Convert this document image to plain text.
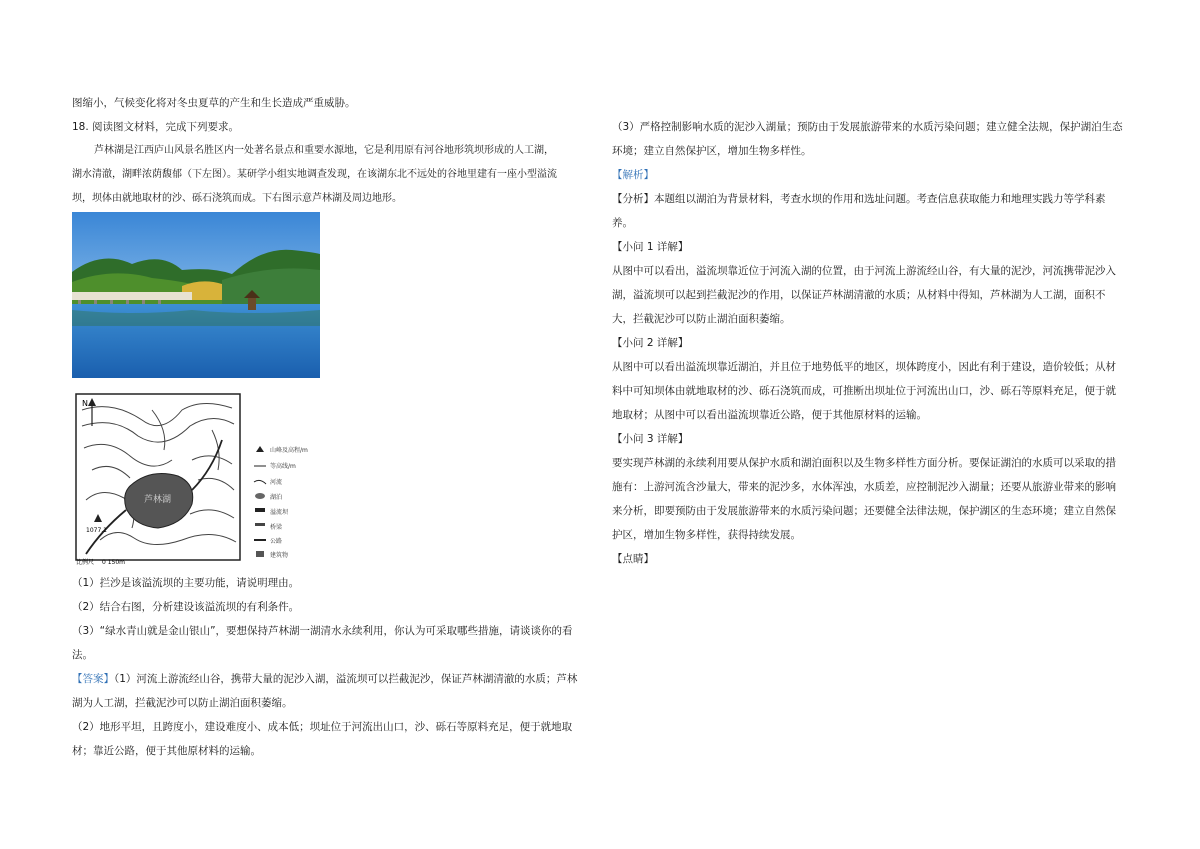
图缩小，气候变化将对冬虫夏草的产生和生长造成严重威胁。
18. 阅读图文材料，完成下列要求。
芦林湖是江西庐山风景名胜区内一处著名景点和重要水源地，它是利用原有河谷地形筑坝形成的人工湖，
湖水清澈，湖畔浓荫馥郁（下左图）。某研学小组实地调查发现，在该湖东北不远处的谷地里建有一座小型溢流
坝，坝体由就地取材的沙、砾石浇筑而成。下右图示意芦林湖及周边地形。
芦林湖
N
1077.1
比例尺 0 150m
山峰及高程/m
等高线/m
河流
湖泊
溢流坝
桥梁
公路
建筑物
（1）拦沙是该溢流坝的主要功能，请说明理由。
（2）结合右图，分析建设该溢流坝的有利条件。
（3）“绿水青山就是金山银山”，要想保持芦林湖一湖清水永续利用，你认为可采取哪些措施，请谈谈你的看
法。
【答案】（1）河流上游流经山谷，携带大量的泥沙入湖，溢流坝可以拦截泥沙，保证芦林湖清澈的水质；芦林
湖为人工湖，拦截泥沙可以防止湖泊面积萎缩。
（2）地形平坦，且跨度小，建设难度小、成本低；坝址位于河流出山口，沙、砾石等原料充足，便于就地取
材；靠近公路，便于其他原材料的运输。
（3）严格控制影响水质的泥沙入湖量；预防由于发展旅游带来的水质污染问题；建立健全法规，保护湖泊生态
环境；建立自然保护区，增加生物多样性。
【解析】
【分析】本题组以湖泊为背景材料，考查水坝的作用和选址问题。考查信息获取能力和地理实践力等学科素
养。
【小问 1 详解】
从图中可以看出，溢流坝靠近位于河流入湖的位置，由于河流上游流经山谷，有大量的泥沙，河流携带泥沙入
湖，溢流坝可以起到拦截泥沙的作用，以保证芦林湖清澈的水质；从材料中得知，芦林湖为人工湖，面积不
大，拦截泥沙可以防止湖泊面积萎缩。
【小问 2 详解】
从图中可以看出溢流坝靠近湖泊，并且位于地势低平的地区，坝体跨度小，因此有利于建设，造价较低；从材
料中可知坝体由就地取材的沙、砾石浇筑而成，可推断出坝址位于河流出山口，沙、砾石等原料充足，便于就
地取材；从图中可以看出溢流坝靠近公路，便于其他原材料的运输。
【小问 3 详解】
要实现芦林湖的永续利用要从保护水质和湖泊面积以及生物多样性方面分析。要保证湖泊的水质可以采取的措
施有：上游河流含沙量大，带来的泥沙多，水体浑浊，水质差，应控制泥沙入湖量；还要从旅游业带来的影响
来分析，即要预防由于发展旅游带来的水质污染问题；还要健全法律法规，保护湖区的生态环境；建立自然保
护区，增加生物多样性，获得持续发展。
【点睛】
